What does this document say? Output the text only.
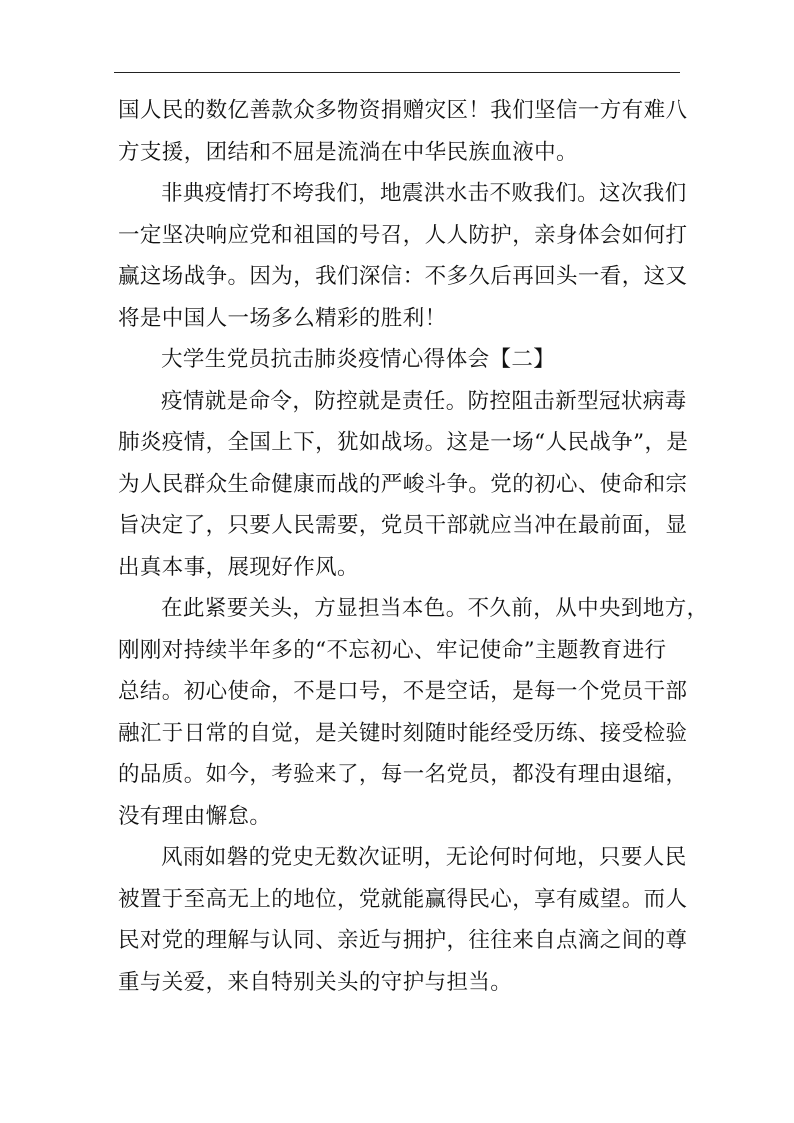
国人民的数亿善款众多物资捐赠灾区！我们坚信一方有难八
方支援，团结和不屈是流淌在中华民族血液中。
非典疫情打不垮我们，地震洪水击不败我们。这次我们
一定坚决响应党和祖国的号召，人人防护，亲身体会如何打
赢这场战争。因为，我们深信：不多久后再回头一看，这又
将是中国人一场多么精彩的胜利！
大学生党员抗击肺炎疫情心得体会【二】
疫情就是命令，防控就是责任。防控阻击新型冠状病毒
肺炎疫情，全国上下，犹如战场。这是一场“人民战争”，是
为人民群众生命健康而战的严峻斗争。党的初心、使命和宗
旨决定了，只要人民需要，党员干部就应当冲在最前面，显
出真本事，展现好作风。
在此紧要关头，方显担当本色。不久前，从中央到地方，
刚刚对持续半年多的“不忘初心、牢记使命”主题教育进行
总结。初心使命，不是口号，不是空话，是每一个党员干部
融汇于日常的自觉，是关键时刻随时能经受历练、接受检验
的品质。如今，考验来了，每一名党员，都没有理由退缩，
没有理由懈怠。
风雨如磐的党史无数次证明，无论何时何地，只要人民
被置于至高无上的地位，党就能赢得民心，享有威望。而人
民对党的理解与认同、亲近与拥护，往往来自点滴之间的尊
重与关爱，来自特别关头的守护与担当。
